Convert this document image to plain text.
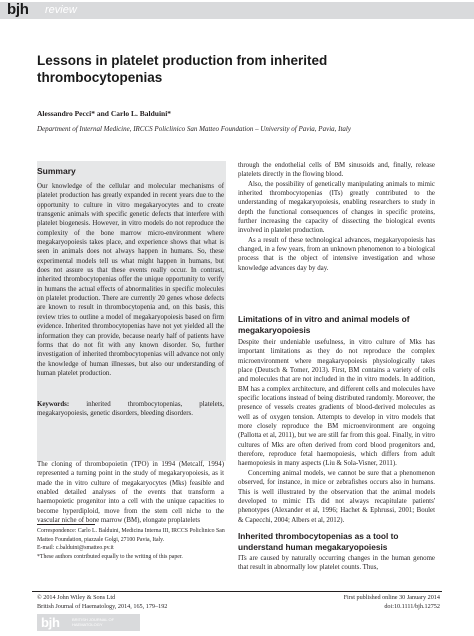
bjh review
Lessons in platelet production from inherited
thrombocytopenias
Alessandro Pecci* and Carlo L. Balduini*
Department of Internal Medicine, IRCCS Policlinico San Matteo Foundation – University of Pavia, Pavia, Italy
Summary

Our knowledge of the cellular and molecular mechanisms of platelet production has greatly expanded in recent years due to the opportunity to culture in vitro megakaryocytes and to create transgenic animals with specific genetic defects that interfere with platelet biogenesis. However, in vitro models do not reproduce the complexity of the bone marrow micro-environment where megakaryopoiesis takes place, and experience shows that what is seen in animals does not always happen in humans. So, these experimental models tell us what might happen in humans, but does not assure us that these events really occur. In contrast, inherited thrombocytopenias offer the unique opportunity to verify in humans the actual effects of abnormalities in specific molecules on platelet production. There are currently 20 genes whose defects are known to result in thrombocytopenia and, on this basis, this review tries to outline a model of megakaryopoiesis based on firm evidence. Inherited thrombocytopenias have not yet yielded all the information they can provide, because nearly half of patients have forms that do not fit with any known disorder. So, further investigation of inherited thrombocytopenias will advance not only the knowledge of human illnesses, but also our understanding of human platelet production.

Keywords: inherited thrombocytopenias, platelets, megakaryopoiesis, genetic disorders, bleeding disorders.

The cloning of thrombopoietin (TPO) in 1994 (Metcalf, 1994) represented a turning point in the study of megakaryopoiesis, as it made the in vitro culture of megakaryocytes (Mks) feasible and enabled detailed analyses of the events that transform a haemopoietic progenitor into a cell with the unique capacities to become hyperdiploid, move from the stem cell niche to the vascular niche of bone marrow (BM), elongate proplatelets

Correspondence: Carlo L. Balduini, Medicina Interna III, IRCCS Policlinico San Matteo Foundation, piazzale Golgi, 27100 Pavia, Italy.
E-mail: c.balduini@smatteo.pv.it
*These authors contributed equally to the writing of this paper.

through the endothelial cells of BM sinusoids and, finally, release platelets directly in the flowing blood.

Also, the possibility of genetically manipulating animals to mimic inherited thrombocytopenias (ITs) greatly contributed to the understanding of megakaryopoiesis, enabling researchers to study in depth the functional consequences of changes in specific proteins, further increasing the capacity of dissecting the biological events involved in platelet production.

As a result of these technological advances, megakaryopoiesis has changed, in a few years, from an unknown phenomenon to a biological process that is the object of intensive investigation and whose knowledge advances day by day.

Limitations of in vitro and animal models of megakaryopoiesis

Despite their undeniable usefulness, in vitro culture of Mks has important limitations as they do not reproduce the complex microenvironment where megakaryopoiesis physiologically takes place (Deutsch & Tomer, 2013). First, BM contains a variety of cells and molecules that are not included in the in vitro models. In addition, BM has a complex architecture, and different cells and molecules have specific locations instead of being distributed randomly. Moreover, the presence of vessels creates gradients of blood-derived molecules as well as of oxygen tension. Attempts to develop in vitro models that more closely reproduce the BM microenvironment are ongoing (Pallotta et al, 2011), but we are still far from this goal. Finally, in vitro cultures of Mks are often derived from cord blood progenitors and, therefore, reproduce fetal haemopoiesis, which differs from adult haemopoiesis in many aspects (Liu & Sola-Visner, 2011).

Concerning animal models, we cannot be sure that a phenomenon observed, for instance, in mice or zebrafishes occurs also in humans. This is well illustrated by the observation that the animal models developed to mimic ITs did not always recapitulate patients' phenotypes (Alexander et al, 1996; Hachet & Ephrussi, 2001; Boulet & Capecchi, 2004; Albers et al, 2012).

Inherited thrombocytopenias as a tool to understand human megakaryopoiesis

ITs are caused by naturally occurring changes in the human genome that result in abnormally low platelet counts. Thus,

© 2014 John Wiley & Sons Ltd
British Journal of Haematology, 2014, 165, 179–192
First published online 30 January 2014
doi:10.1111/bjh.12752
bjh	BRITISH JOURNAL OF HAEMATOLOGY
